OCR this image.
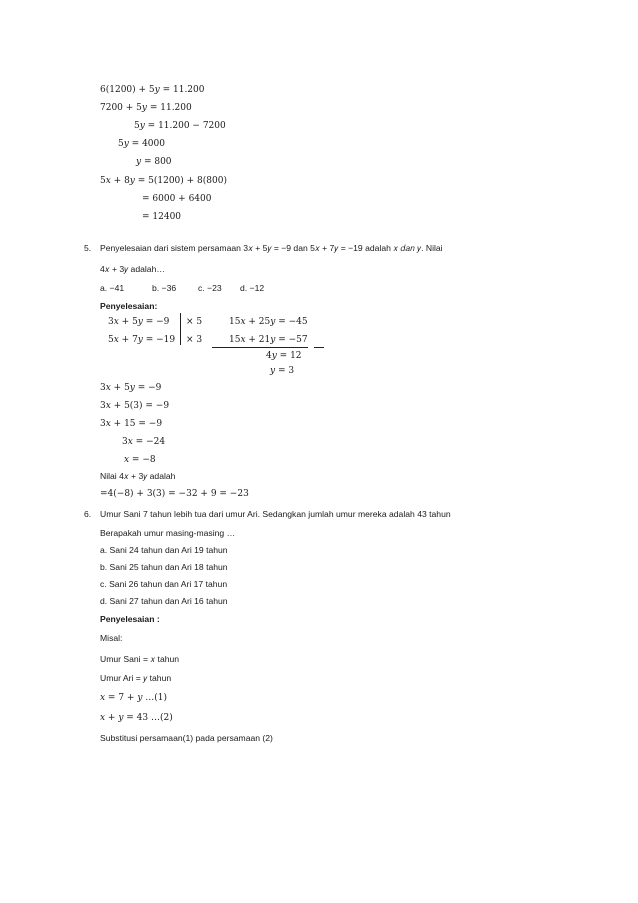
6(1200) + 5𝑦 = 11.200
7200 + 5𝑦 = 11.200
5𝑦 = 11.200 − 7200
5𝑦 = 4000
𝑦 = 800
5𝑥 + 8𝑦 = 5(1200) + 8(800)
= 6000 + 6400
= 12400
5. Penyelesaian dari sistem persamaan 3𝑥 + 5𝑦 = −9 dan 5𝑥 + 7𝑦 = −19 adalah 𝑥 𝑑𝑎𝑛 𝑦. Nilai
4𝑥 + 3𝑦 adalah…
a. −41	b. −36	c. −23 d. −12
Penyelesaian:
3𝑥 + 5𝑦 = −9
5𝑥 + 7𝑦 = −19
× 5
× 3
15𝑥 + 25𝑦 = −45
15𝑥 + 21𝑦 = −57
4𝑦 = 12
𝑦 = 3
3𝑥 + 5𝑦 = −9
3𝑥 + 5(3) = −9
3𝑥 + 15 = −9
3𝑥 = −24
𝑥 = −8
Nilai 4𝑥 + 3𝑦 adalah
=4(−8) + 3(3) = −32 + 9 = −23
6. Umur Sani 7 tahun lebih tua dari umur Ari. Sedangkan jumlah umur mereka adalah 43 tahun
Berapakah umur masing-masing …
a. Sani 24 tahun dan Ari 19 tahun
b. Sani 25 tahun dan Ari 18 tahun
c. Sani 26 tahun dan Ari 17 tahun
d. Sani 27 tahun dan Ari 16 tahun
Penyelesaian :
Misal:
Umur Sani = 𝑥 tahun
Umur Ari = 𝑦 tahun
𝑥 = 7 + 𝑦 …(1)
𝑥 + 𝑦 = 43 …(2)
Substitusi persamaan(1) pada persamaan (2)
